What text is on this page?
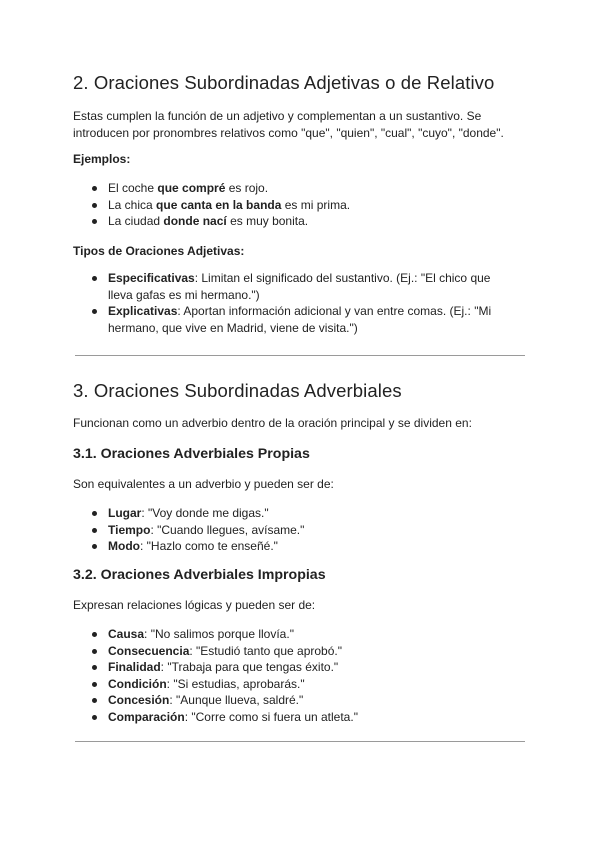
2. Oraciones Subordinadas Adjetivas o de Relativo

Estas cumplen la función de un adjetivo y complementan a un sustantivo. Se
introducen por pronombres relativos como "que", "quien", "cual", "cuyo", "donde".

Ejemplos:

El coche que compré es rojo.
La chica que canta en la banda es mi prima.
La ciudad donde nací es muy bonita.

Tipos de Oraciones Adjetivas:

Especificativas: Limitan el significado del sustantivo. (Ej.: "El chico que lleva gafas es mi hermano.")
Explicativas: Aportan información adicional y van entre comas. (Ej.: "Mi hermano, que vive en Madrid, viene de visita.")
3. Oraciones Subordinadas Adverbiales

Funcionan como un adverbio dentro de la oración principal y se dividen en:

3.1. Oraciones Adverbiales Propias

Son equivalentes a un adverbio y pueden ser de:

Lugar: "Voy donde me digas."
Tiempo: "Cuando llegues, avísame."
Modo: "Hazlo como te enseñé."
3.2. Oraciones Adverbiales Impropias

Expresan relaciones lógicas y pueden ser de:

Causa: "No salimos porque llovía."
Consecuencia: "Estudió tanto que aprobó."
Finalidad: "Trabaja para que tengas éxito."
Condición: "Si estudias, aprobarás."
Concesión: "Aunque llueva, saldré."
Comparación: "Corre como si fuera un atleta."
